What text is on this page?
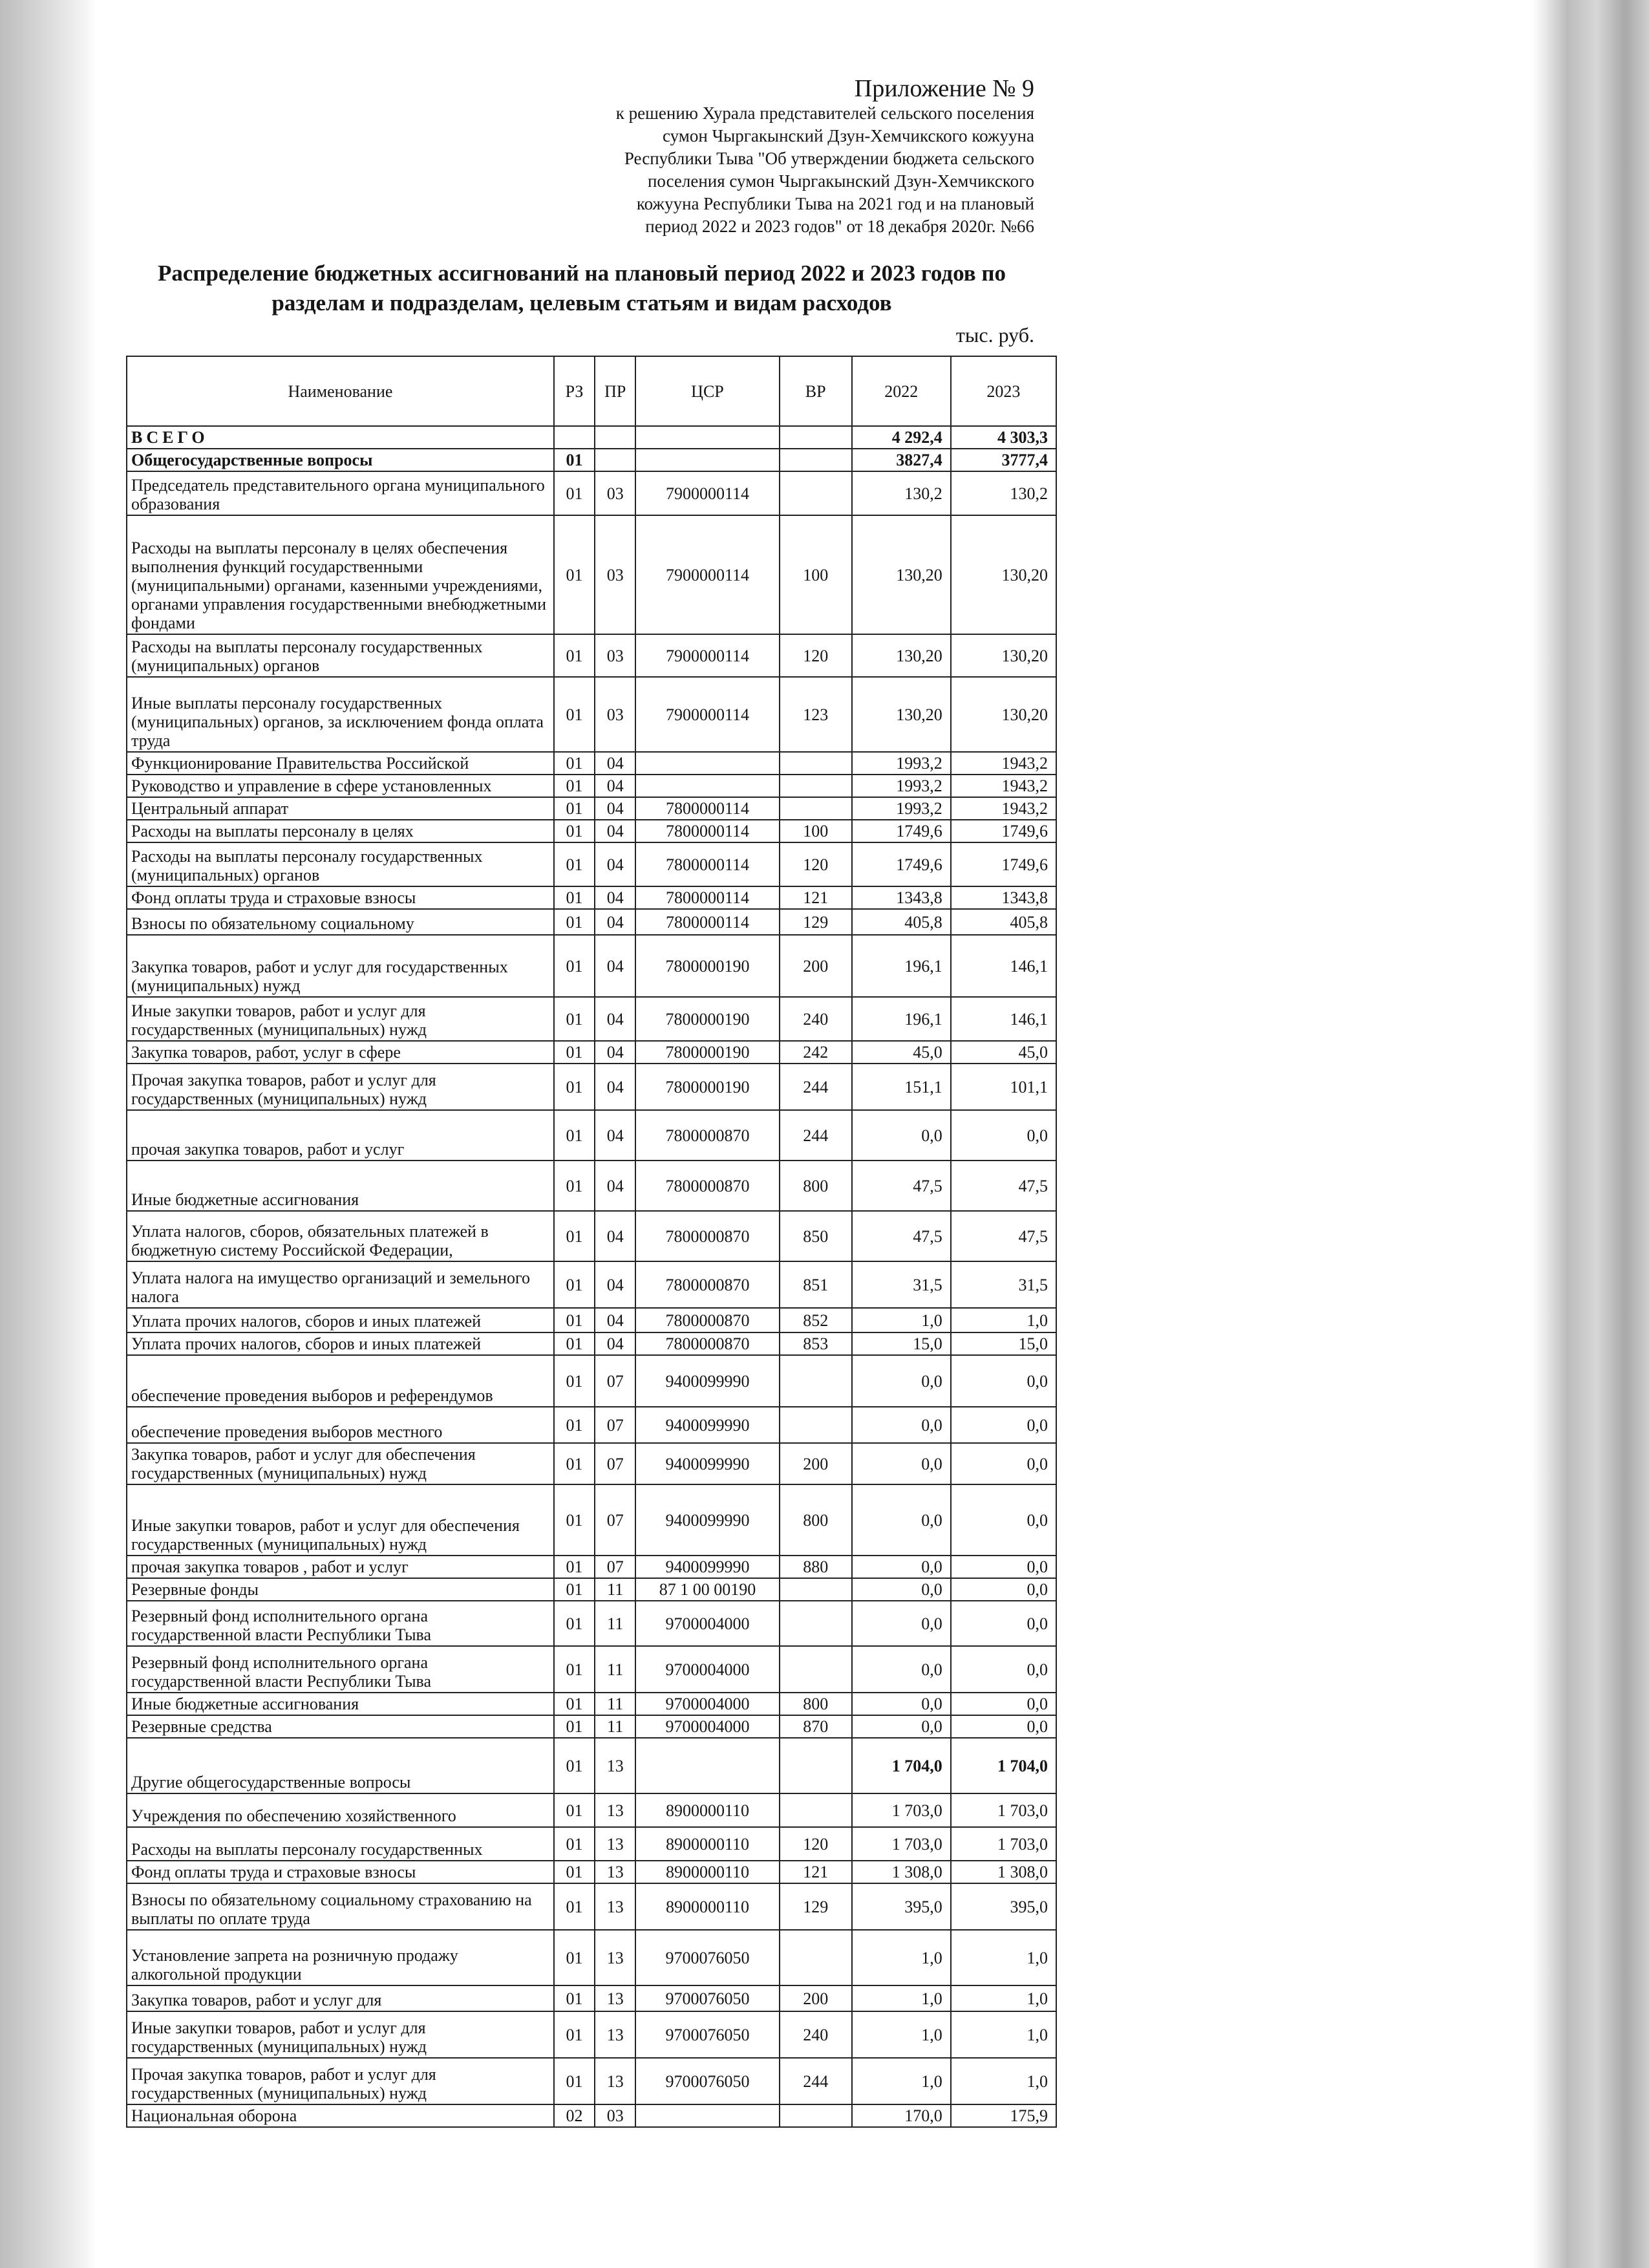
Приложение № 9
к решению Хурала представителей сельского поселения
сумон Чыргакынский Дзун-Хемчикского кожууна
Республики Тыва "Об утверждении бюджета сельского
поселения сумон Чыргакынский Дзун-Хемчикского
кожууна Республики Тыва на 2021 год и на плановый
период 2022 и 2023 годов" от 18 декабря 2020г. №66
Распределение бюджетных ассигнований на плановый период 2022 и 2023 годов по
разделам и подразделам, целевым статьям и видам расходов
тыс. руб.
Наименование	РЗ	ПР	ЦСР	ВР	2022	2023
ВСЕГО					4 292,4	4 303,3
Общегосударственные вопросы	01				3827,4	3777,4
Председатель представительного органа муниципального образования	01	03	7900000114		130,2	130,2
Расходы на выплаты персоналу в целях обеспечения выполнения функций государственными (муниципальными) органами, казенными учреждениями, органами управления государственными внебюджетными фондами	01	03	7900000114	100	130,20	130,20
Расходы на выплаты персоналу государственных (муниципальных) органов	01	03	7900000114	120	130,20	130,20
Иные выплаты персоналу государственных (муниципальных) органов, за исключением фонда оплата труда	01	03	7900000114	123	130,20	130,20
Функционирование Правительства Российской	01	04			1993,2	1943,2
Руководство и управление в сфере установленных	01	04			1993,2	1943,2
Центральный аппарат	01	04	7800000114		1993,2	1943,2
Расходы на выплаты персоналу в целях	01	04	7800000114	100	1749,6	1749,6
Расходы на выплаты персоналу государственных (муниципальных) органов	01	04	7800000114	120	1749,6	1749,6
Фонд оплаты труда и страховые взносы	01	04	7800000114	121	1343,8	1343,8
Взносы по обязательному социальному	01	04	7800000114	129	405,8	405,8
Закупка товаров, работ и услуг для государственных (муниципальных) нужд	01	04	7800000190	200	196,1	146,1
Иные закупки товаров, работ и услуг для государственных (муниципальных) нужд	01	04	7800000190	240	196,1	146,1
Закупка товаров, работ, услуг в сфере	01	04	7800000190	242	45,0	45,0
Прочая закупка товаров, работ и услуг для государственных (муниципальных) нужд	01	04	7800000190	244	151,1	101,1
прочая закупка товаров, работ и услуг	01	04	7800000870	244	0,0	0,0
Иные бюджетные ассигнования	01	04	7800000870	800	47,5	47,5
Уплата налогов, сборов, обязательных платежей в бюджетную систему Российской Федерации,	01	04	7800000870	850	47,5	47,5
Уплата налога на имущество организаций и земельного налога	01	04	7800000870	851	31,5	31,5
Уплата прочих налогов, сборов и иных платежей	01	04	7800000870	852	1,0	1,0
Уплата прочих налогов, сборов и иных платежей	01	04	7800000870	853	15,0	15,0
обеспечение проведения выборов и референдумов	01	07	9400099990		0,0	0,0
обеспечение проведения выборов местного	01	07	9400099990		0,0	0,0
Закупка товаров, работ и услуг для обеспечения государственных (муниципальных) нужд	01	07	9400099990	200	0,0	0,0
Иные закупки товаров, работ и услуг для обеспечения государственных (муниципальных) нужд	01	07	9400099990	800	0,0	0,0
прочая закупка товаров , работ и услуг	01	07	9400099990	880	0,0	0,0
Резервные фонды	01	11	87 1 00 00190		0,0	0,0
Резервный фонд исполнительного органа государственной власти Республики Тыва	01	11	9700004000		0,0	0,0
Резервный фонд исполнительного органа государственной власти Республики Тыва	01	11	9700004000		0,0	0,0
Иные бюджетные ассигнования	01	11	9700004000	800	0,0	0,0
Резервные средства	01	11	9700004000	870	0,0	0,0
Другие общегосударственные вопросы	01	13			1 704,0	1 704,0
Учреждения по обеспечению хозяйственного	01	13	8900000110		1 703,0	1 703,0
Расходы на выплаты персоналу государственных	01	13	8900000110	120	1 703,0	1 703,0
Фонд оплаты труда и страховые взносы	01	13	8900000110	121	1 308,0	1 308,0
Взносы по обязательному социальному страхованию на выплаты по оплате труда	01	13	8900000110	129	395,0	395,0
Установление запрета на розничную продажу алкогольной продукции	01	13	9700076050		1,0	1,0
Закупка товаров, работ и услуг для	01	13	9700076050	200	1,0	1,0
Иные закупки товаров, работ и услуг для государственных (муниципальных) нужд	01	13	9700076050	240	1,0	1,0
Прочая закупка товаров, работ и услуг для государственных (муниципальных) нужд	01	13	9700076050	244	1,0	1,0
Национальная оборона	02	03			170,0	175,9
